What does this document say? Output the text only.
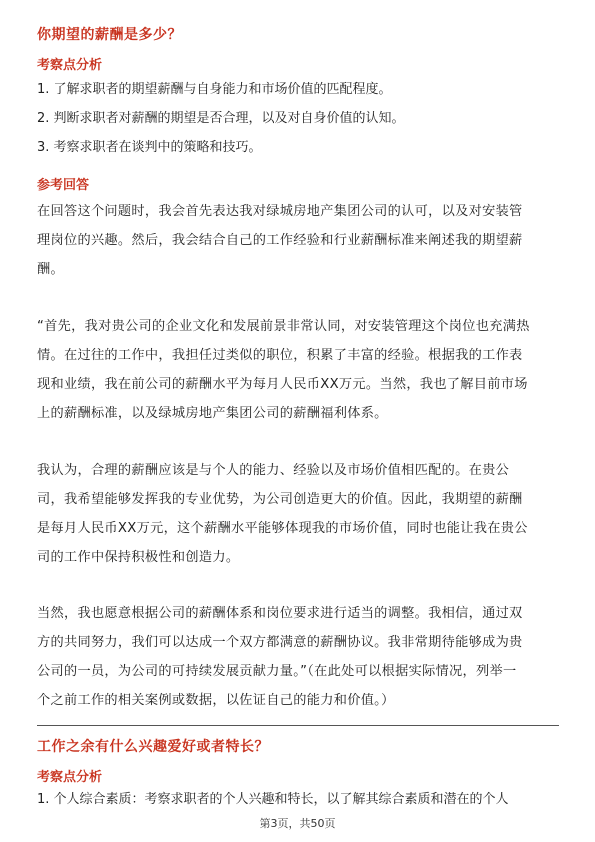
你期望的薪酬是多少？
考察点分析
1. 了解求职者的期望薪酬与自身能力和市场价值的匹配程度。
2. 判断求职者对薪酬的期望是否合理，以及对自身价值的认知。
3. 考察求职者在谈判中的策略和技巧。
参考回答
在回答这个问题时，我会首先表达我对绿城房地产集团公司的认可，以及对安装管
理岗位的兴趣。然后，我会结合自己的工作经验和行业薪酬标准来阐述我的期望薪
酬。
“首先，我对贵公司的企业文化和发展前景非常认同，对安装管理这个岗位也充满热
情。在过往的工作中，我担任过类似的职位，积累了丰富的经验。根据我的工作表
现和业绩，我在前公司的薪酬水平为每月人民币XX万元。当然，我也了解目前市场
上的薪酬标准，以及绿城房地产集团公司的薪酬福利体系。
我认为，合理的薪酬应该是与个人的能力、经验以及市场价值相匹配的。在贵公
司，我希望能够发挥我的专业优势，为公司创造更大的价值。因此，我期望的薪酬
是每月人民币XX万元，这个薪酬水平能够体现我的市场价值，同时也能让我在贵公
司的工作中保持积极性和创造力。
当然，我也愿意根据公司的薪酬体系和岗位要求进行适当的调整。我相信，通过双
方的共同努力，我们可以达成一个双方都满意的薪酬协议。我非常期待能够成为贵
公司的一员，为公司的可持续发展贡献力量。”（在此处可以根据实际情况，列举一
个之前工作的相关案例或数据，以佐证自己的能力和价值。）
工作之余有什么兴趣爱好或者特长？
考察点分析
1. 个人综合素质：考察求职者的个人兴趣和特长，以了解其综合素质和潜在的个人
第3页，共50页
